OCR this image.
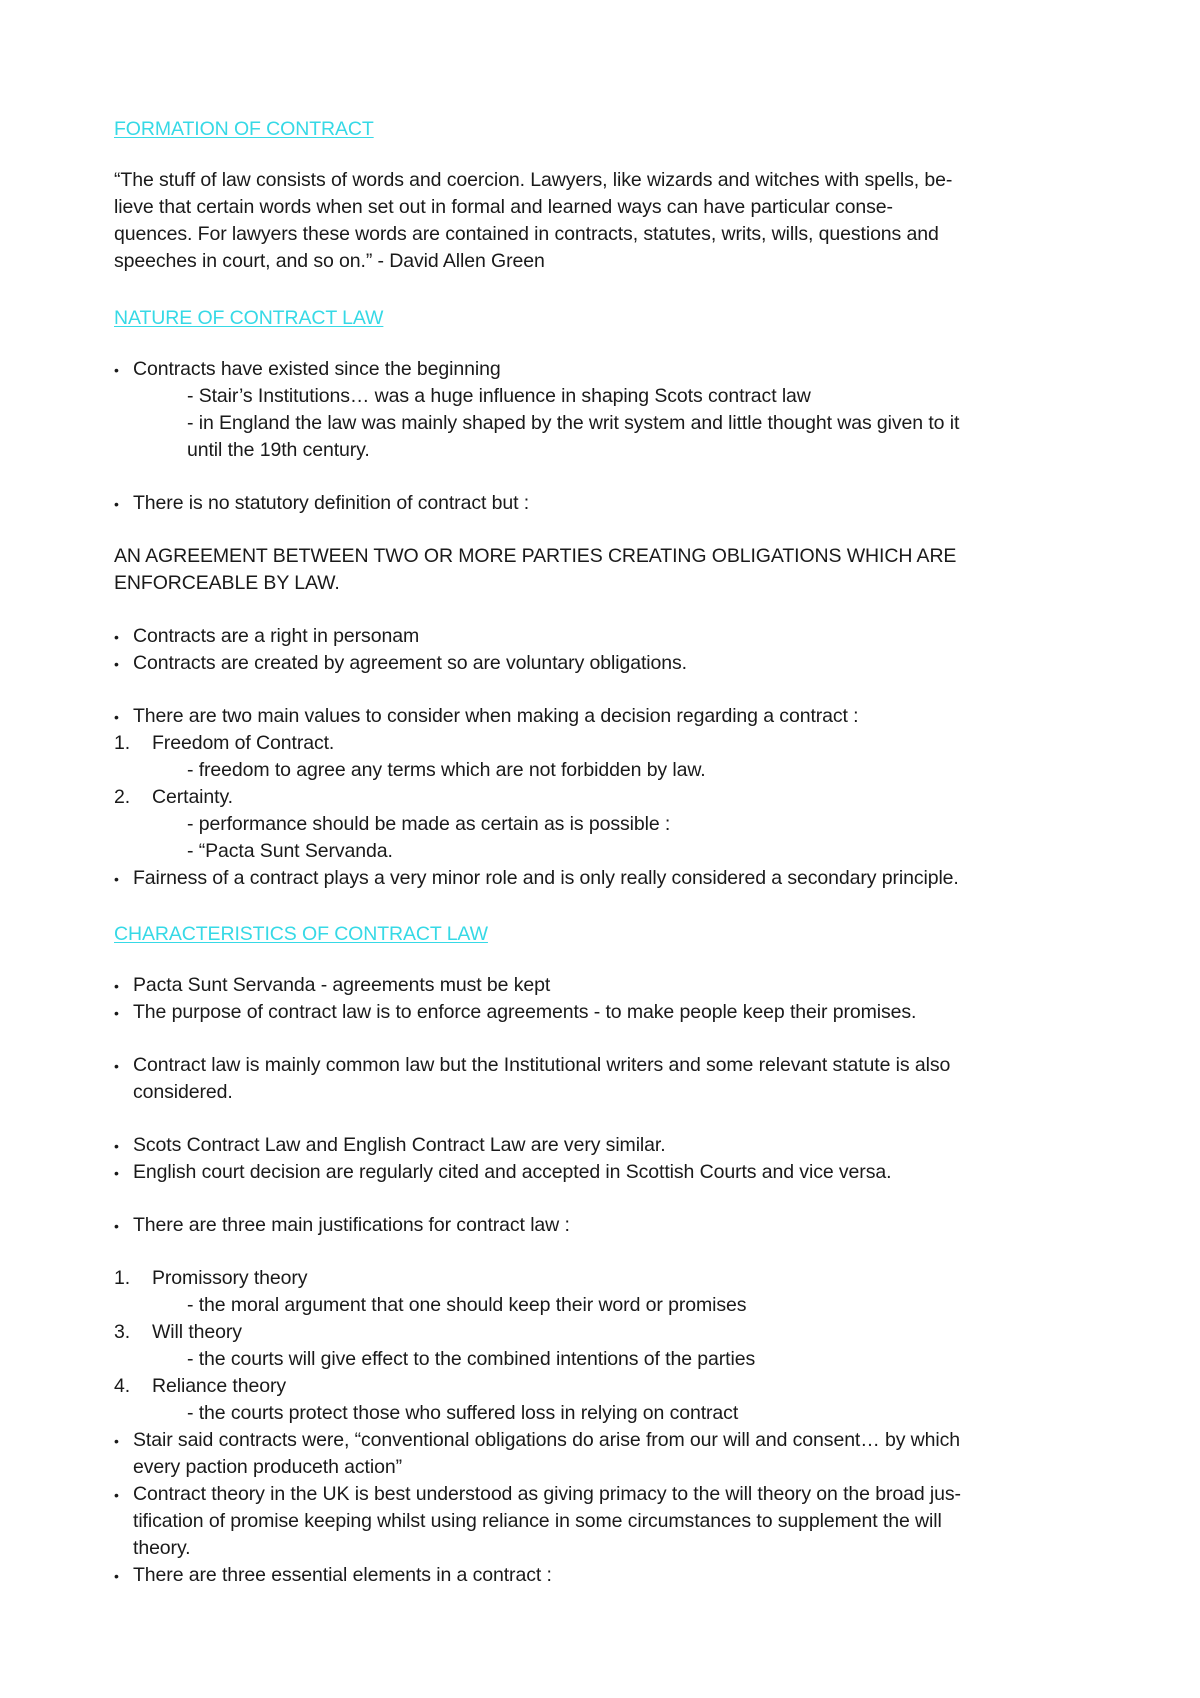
FORMATION OF CONTRACT
“The stuff of law consists of words and coercion. Lawyers, like wizards and witches with spells, be-
lieve that certain words when set out in formal and learned ways can have particular conse-
quences. For lawyers these words are contained in contracts, statutes, writs, wills, questions and
speeches in court, and so on.” - David Allen Green
NATURE OF CONTRACT LAW
• Contracts have existed since the beginning
- Stair’s Institutions… was a huge influence in shaping Scots contract law
- in England the law was mainly shaped by the writ system and little thought was given to it
until the 19th century.
• There is no statutory definition of contract but :
AN AGREEMENT BETWEEN TWO OR MORE PARTIES CREATING OBLIGATIONS WHICH ARE
ENFORCEABLE BY LAW.
• Contracts are a right in personam
• Contracts are created by agreement so are voluntary obligations.
• There are two main values to consider when making a decision regarding a contract :
1. Freedom of Contract.
- freedom to agree any terms which are not forbidden by law.
2. Certainty.
- performance should be made as certain as is possible :
- “Pacta Sunt Servanda.
• Fairness of a contract plays a very minor role and is only really considered a secondary principle.
CHARACTERISTICS OF CONTRACT LAW
• Pacta Sunt Servanda - agreements must be kept
• The purpose of contract law is to enforce agreements - to make people keep their promises.
• Contract law is mainly common law but the Institutional writers and some relevant statute is also
considered.
• Scots Contract Law and English Contract Law are very similar.
• English court decision are regularly cited and accepted in Scottish Courts and vice versa.
• There are three main justifications for contract law :
1. Promissory theory
- the moral argument that one should keep their word or promises
3. Will theory
- the courts will give effect to the combined intentions of the parties
4. Reliance theory
- the courts protect those who suffered loss in relying on contract
• Stair said contracts were, “conventional obligations do arise from our will and consent… by which
every paction produceth action”
• Contract theory in the UK is best understood as giving primacy to the will theory on the broad jus-
tification of promise keeping whilst using reliance in some circumstances to supplement the will
theory.
• There are three essential elements in a contract :
